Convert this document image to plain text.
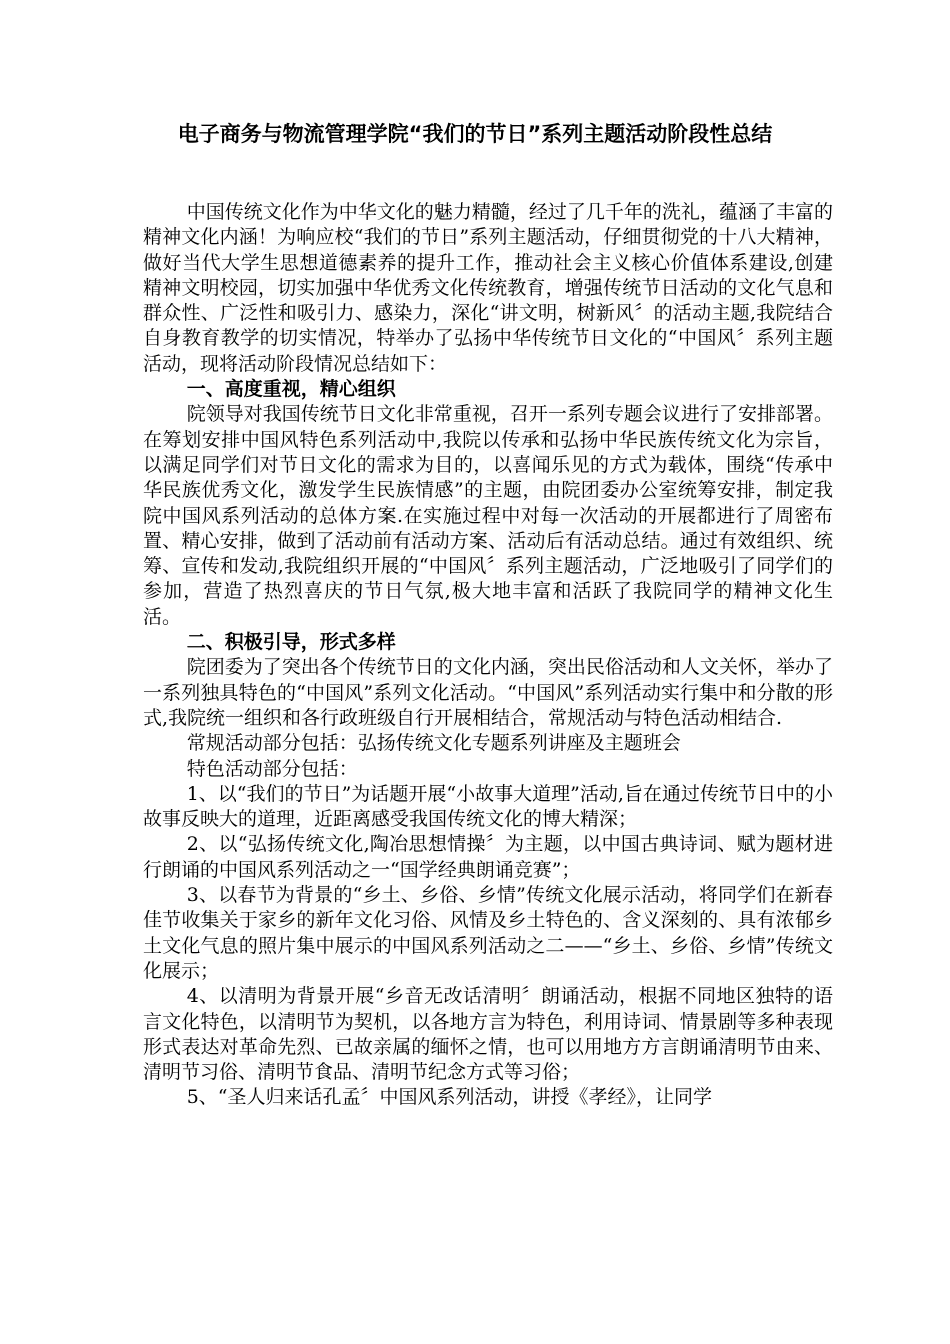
电子商务与物流管理学院“我们的节日”系列主题活动阶段性总结

中国传统文化作为中华文化的魅力精髓，经过了几千年的洗礼，蕴涵了丰富的精神文化内涵！为响应校“我们的节日”系列主题活动，仔细贯彻党的十八大精神，做好当代大学生思想道德素养的提升工作，推动社会主义核心价值体系建设,创建精神文明校园，切实加强中华优秀文化传统教育，增强传统节日活动的文化气息和群众性、广泛性和吸引力、感染力，深化“讲文明，树新风〞的活动主题,我院结合自身教育教学的切实情况，特举办了弘扬中华传统节日文化的“中国风〞系列主题活动，现将活动阶段情况总结如下：

一、高度重视，精心组织

院领导对我国传统节日文化非常重视，召开一系列专题会议进行了安排部署。在筹划安排中国风特色系列活动中,我院以传承和弘扬中华民族传统文化为宗旨，以满足同学们对节日文化的需求为目的，以喜闻乐见的方式为载体，围绕“传承中华民族优秀文化，激发学生民族情感”的主题，由院团委办公室统筹安排，制定我院中国风系列活动的总体方案.在实施过程中对每一次活动的开展都进行了周密布置、精心安排，做到了活动前有活动方案、活动后有活动总结。通过有效组织、统筹、宣传和发动,我院组织开展的“中国风〞系列主题活动，广泛地吸引了同学们的参加，营造了热烈喜庆的节日气氛,极大地丰富和活跃了我院同学的精神文化生活。

二、积极引导，形式多样

院团委为了突出各个传统节日的文化内涵，突出民俗活动和人文关怀，举办了一系列独具特色的“中国风”系列文化活动。“中国风”系列活动实行集中和分散的形式,我院统一组织和各行政班级自行开展相结合，常规活动与特色活动相结合.

常规活动部分包括：弘扬传统文化专题系列讲座及主题班会

特色活动部分包括：

1、以“我们的节日”为话题开展“小故事大道理”活动,旨在通过传统节日中的小故事反映大的道理，近距离感受我国传统文化的博大精深；

2、以“弘扬传统文化,陶冶思想情操〞为主题，以中国古典诗词、赋为题材进行朗诵的中国风系列活动之一“国学经典朗诵竞赛”；

3、以春节为背景的“乡土、乡俗、乡情”传统文化展示活动，将同学们在新春佳节收集关于家乡的新年文化习俗、风情及乡土特色的、含义深刻的、具有浓郁乡土文化气息的照片集中展示的中国风系列活动之二——“乡土、乡俗、乡情”传统文化展示；

4、以清明为背景开展“乡音无改话清明〞朗诵活动，根据不同地区独特的语言文化特色，以清明节为契机，以各地方言为特色，利用诗词、情景剧等多种表现形式表达对革命先烈、已故亲属的缅怀之情，也可以用地方方言朗诵清明节由来、清明节习俗、清明节食品、清明节纪念方式等习俗；

5、“圣人归来话孔孟〞中国风系列活动，讲授《孝经》，让同学
